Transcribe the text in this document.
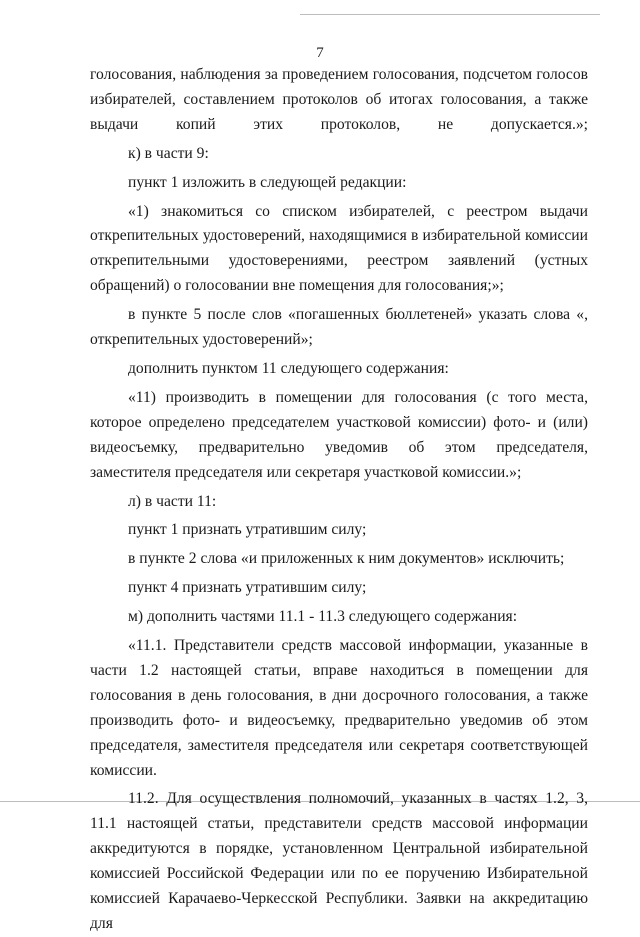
7

голосования, наблюдения за проведением голосования, подсчетом голосов избирателей, составлением протоколов об итогах голосования, а также выдачи копий этих протоколов, не допускается.»;

к) в части 9:

пункт 1 изложить в следующей редакции:

«1) знакомиться со списком избирателей, с реестром выдачи открепительных удостоверений, находящимися в избирательной комиссии открепительными удостоверениями, реестром заявлений (устных обращений) о голосовании вне помещения для голосования;»;

в пункте 5 после слов «погашенных бюллетеней» указать слова «, открепительных удостоверений»;

дополнить пунктом 11 следующего содержания:

«11) производить в помещении для голосования (с того места, которое определено председателем участковой комиссии) фото- и (или) видеосъемку, предварительно уведомив об этом председателя, заместителя председателя или секретаря участковой комиссии.»;

л) в части 11:

пункт 1 признать утратившим силу;

в пункте 2 слова «и приложенных к ним документов» исключить;

пункт 4 признать утратившим силу;

м) дополнить частями 11.1 - 11.3 следующего содержания:

«11.1. Представители средств массовой информации, указанные в части 1.2 настоящей статьи, вправе находиться в помещении для голосования в день голосования, в дни досрочного голосования, а также производить фото- и видеосъемку, предварительно уведомив об этом председателя, заместителя председателя или секретаря соответствующей комиссии.

11.2. Для осуществления полномочий, указанных в частях 1.2, 3, 11.1 настоящей статьи, представители средств массовой информации аккредитуются в порядке, установленном Центральной избирательной комиссией Российской Федерации или по ее поручению Избирательной комиссией Карачаево-Черкесской Республики. Заявки на аккредитацию для
